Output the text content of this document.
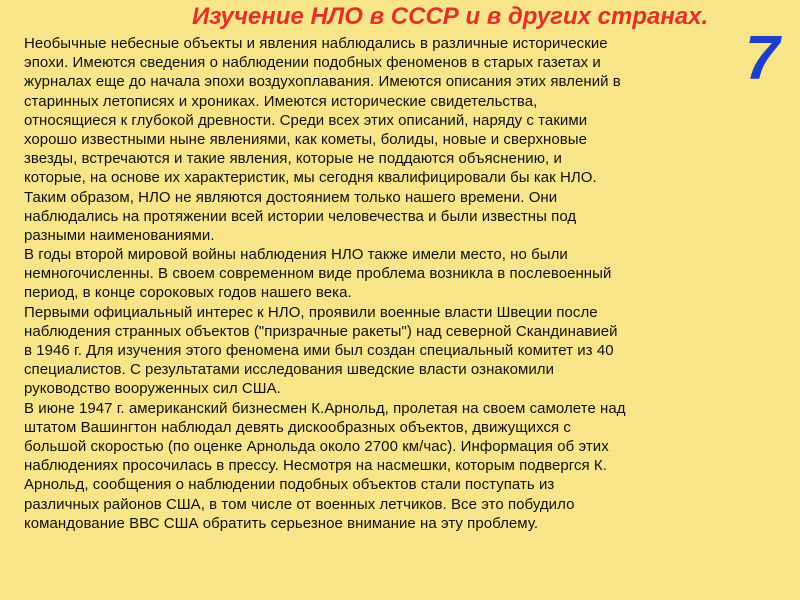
Изучение НЛО в СССР и в других странах.
7
Необычные небесные объекты и явления наблюдались в различные исторические
эпохи. Имеются сведения о наблюдении подобных феноменов в старых газетах и
журналах еще до начала эпохи воздухоплавания. Имеются описания этих явлений в
старинных летописях и хрониках. Имеются исторические свидетельства,
относящиеся к глубокой древности. Среди всех этих описаний, наряду с такими
хорошо известными ныне явлениями, как кометы, болиды, новые и сверхновые
звезды, встречаются и такие явления, которые не поддаются объяснению, и
которые, на основе их характеристик, мы сегодня квалифицировали бы как НЛО.
Таким образом, НЛО не являются достоянием только нашего времени. Они
наблюдались на протяжении всей истории человечества и были известны под
разными наименованиями.
В годы второй мировой войны наблюдения НЛО также имели место, но были
немногочисленны. В своем современном виде проблема возникла в послевоенный
период, в конце сороковых годов нашего века.
Первыми официальный интерес к НЛО, проявили военные власти Швеции после
наблюдения странных объектов ("призрачные ракеты") над северной Скандинавией
в 1946 г. Для изучения этого феномена ими был создан специальный комитет из 40
специалистов. С результатами исследования шведские власти ознакомили
руководство вооруженных сил США.
В июне 1947 г. американский бизнесмен К.Арнольд, пролетая на своем самолете над
штатом Вашингтон наблюдал девять дискообразных объектов, движущихся с
большой скоростью (по оценке Арнольда около 2700 км/час). Информация об этих
наблюдениях просочилась в прессу. Несмотря на насмешки, которым подвергся К.
Арнольд, сообщения о наблюдении подобных объектов стали поступать из
различных районов США, в том числе от военных летчиков. Все это побудило
командование ВВС США обратить серьезное внимание на эту проблему.
